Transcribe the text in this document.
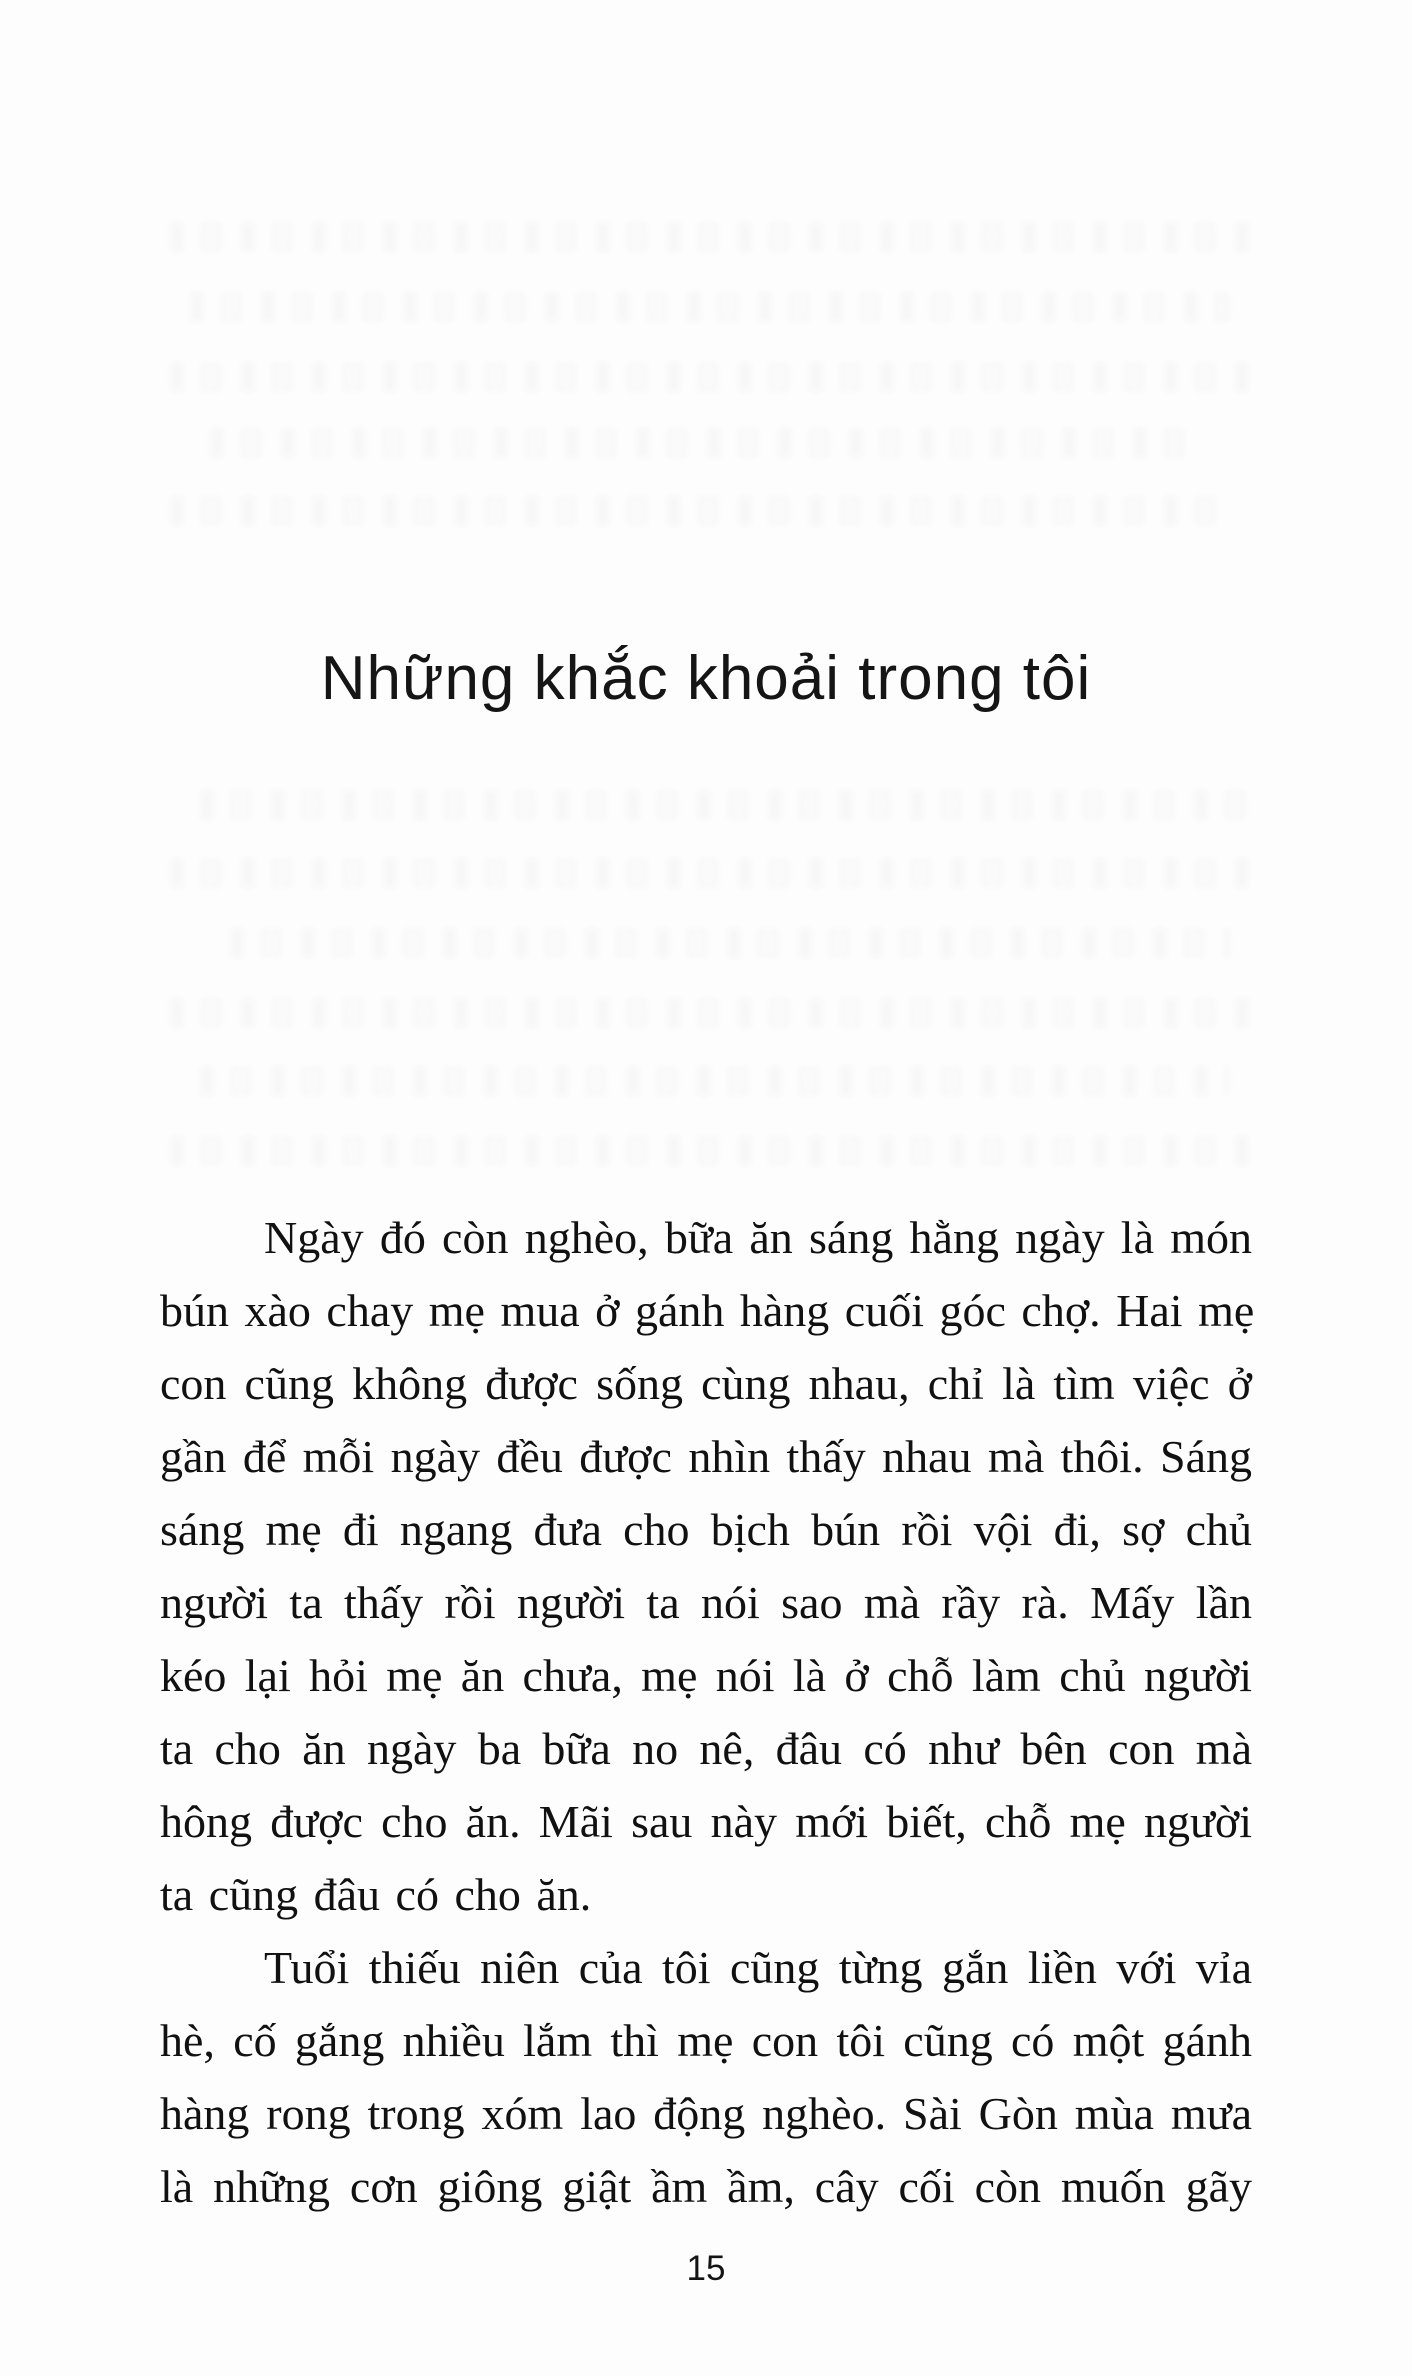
Những khắc khoải trong tôi
Ngày đó còn nghèo, bữa ăn sáng hằng ngày là món
bún xào chay mẹ mua ở gánh hàng cuối góc chợ. Hai mẹ
con cũng không được sống cùng nhau, chỉ là tìm việc ở
gần để mỗi ngày đều được nhìn thấy nhau mà thôi. Sáng
sáng mẹ đi ngang đưa cho bịch bún rồi vội đi, sợ chủ
người ta thấy rồi người ta nói sao mà rầy rà. Mấy lần
kéo lại hỏi mẹ ăn chưa, mẹ nói là ở chỗ làm chủ người
ta cho ăn ngày ba bữa no nê, đâu có như bên con mà
hông được cho ăn. Mãi sau này mới biết, chỗ mẹ người
ta cũng đâu có cho ăn.
Tuổi thiếu niên của tôi cũng từng gắn liền với vỉa
hè, cố gắng nhiều lắm thì mẹ con tôi cũng có một gánh
hàng rong trong xóm lao động nghèo. Sài Gòn mùa mưa
là những cơn giông giật ầm ầm, cây cối còn muốn gãy
15
